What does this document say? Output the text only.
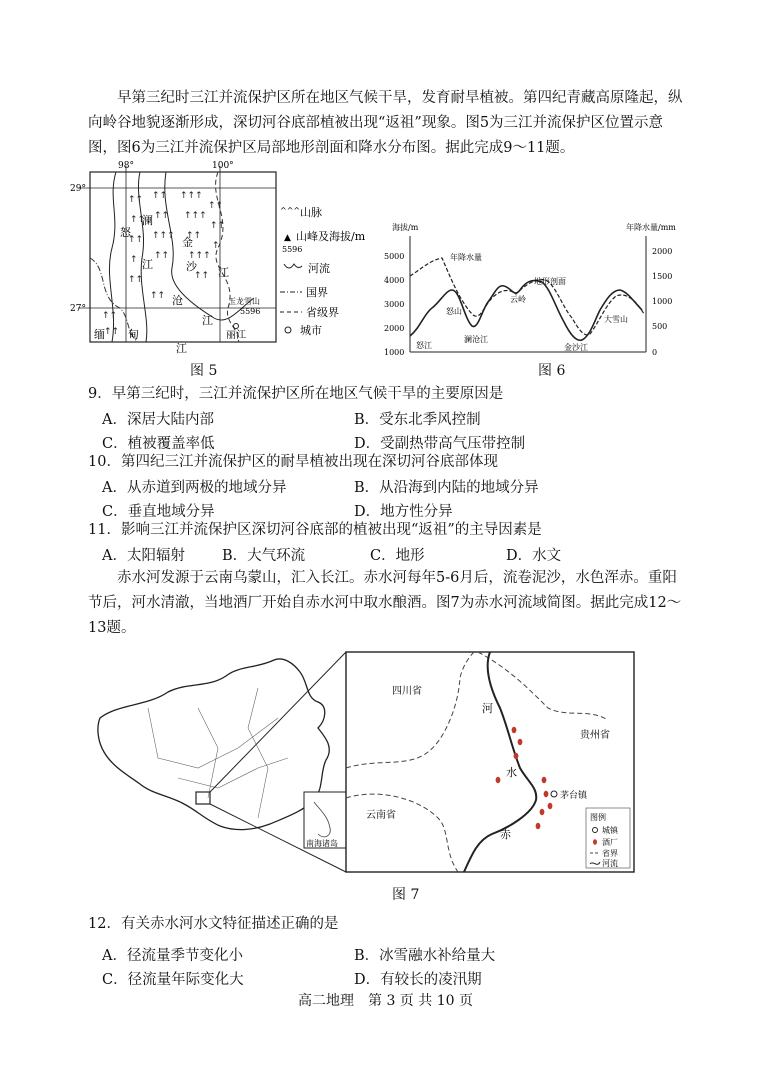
早第三纪时三江并流保护区所在地区气候干旱，发育耐旱植被。第四纪青藏高原隆起，纵向岭谷地貌逐渐形成，深切河谷底部植被出现“返祖”现象。图5为三江并流保护区位置示意图，图6为三江并流保护区局部地形剖面和降水分布图。据此完成9～11题。
98°	100°
29°
27°
↑↑
↑↑
↑↑
↑
↑↑
↑↑
↑↑
↑↑↑
↑↑
↑↑
↑↑↑
↑↑↑
↑↑
↑↑↑
↑↑
↑↑
↑↑
↑
↑↑
↑↑
澜
怒
江
金
沙 江
缅 甸
江
沧
江
玉龙雪山
5596
丽江
^^^ 山脉
▲ 山峰及海拔/m
5596
河流
国界
省级界
城市
图 5
海拔/m	年降水量/mm
1000
2000
3000
4000
5000
0
500
1000
1500
2000
年降水量
地形剖面
怒江
怒山
澜沧江
云岭
金沙江
大雪山
图 6
9．早第三纪时，三江并流保护区所在地区气候干旱的主要原因是
A．深居大陆内部	B．受东北季风控制
C．植被覆盖率低	D．受副热带高气压带控制
10．第四纪三江并流保护区的耐旱植被出现在深切河谷底部体现
A．从赤道到两极的地域分异	B．从沿海到内陆的地域分异
C．垂直地域分异	D．地方性分异
11．影响三江并流保护区深切河谷底部的植被出现“返祖”的主导因素是
A．太阳辐射	B．大气环流	C．地形	D．水文
赤水河发源于云南乌蒙山，汇入长江。赤水河每年5-6月后，流卷泥沙，水色浑赤。重阳节后，河水清澈，当地酒厂开始自赤水河中取水酿酒。图7为赤水河流域简图。据此完成12～13题。
南海诸岛
四川省
贵州省
云南省
河
水
赤
茅台镇
图例
城镇
酒厂
省界
河流
图 7
12．有关赤水河水文特征描述正确的是
A．径流量季节变化小	B．冰雪融水补给量大
C．径流量年际变化大	D．有较长的凌汛期
高二地理　第 3 页 共 10 页
